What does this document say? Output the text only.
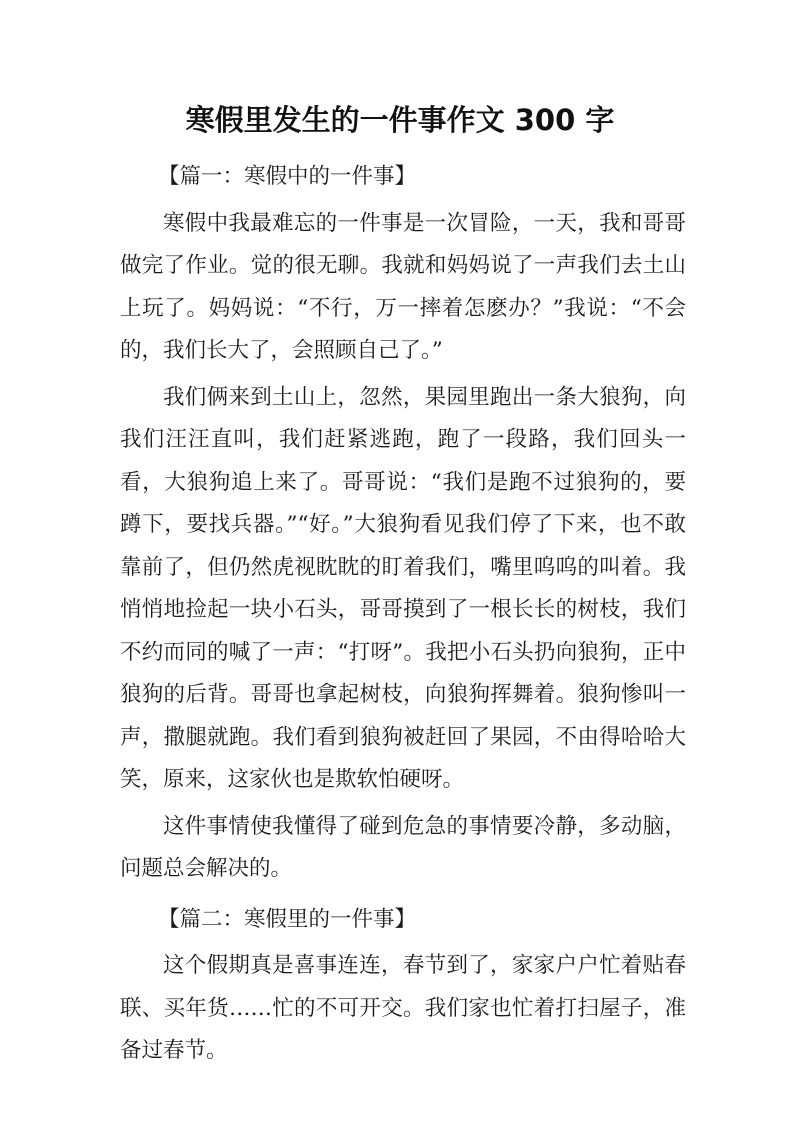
寒假里发生的一件事作文 300 字

【篇一：寒假中的一件事】

寒假中我最难忘的一件事是一次冒险，一天，我和哥哥做完了作业。觉的很无聊。我就和妈妈说了一声我们去土山上玩了。妈妈说：“不行，万一摔着怎麽办？”我说：“不会的，我们长大了，会照顾自己了。”

我们俩来到土山上，忽然，果园里跑出一条大狼狗，向我们汪汪直叫，我们赶紧逃跑，跑了一段路，我们回头一看，大狼狗追上来了。哥哥说：“我们是跑不过狼狗的，要蹲下，要找兵器。”“好。”大狼狗看见我们停了下来，也不敢靠前了，但仍然虎视眈眈的盯着我们，嘴里呜呜的叫着。我悄悄地捡起一块小石头，哥哥摸到了一根长长的树枝，我们不约而同的喊了一声：“打呀”。我把小石头扔向狼狗，正中狼狗的后背。哥哥也拿起树枝，向狼狗挥舞着。狼狗惨叫一声，撒腿就跑。我们看到狼狗被赶回了果园，不由得哈哈大笑，原来，这家伙也是欺软怕硬呀。

这件事情使我懂得了碰到危急的事情要冷静，多动脑，问题总会解决的。

【篇二：寒假里的一件事】

这个假期真是喜事连连，春节到了，家家户户忙着贴春联、买年货……忙的不可开交。我们家也忙着打扫屋子，准备过春节。
